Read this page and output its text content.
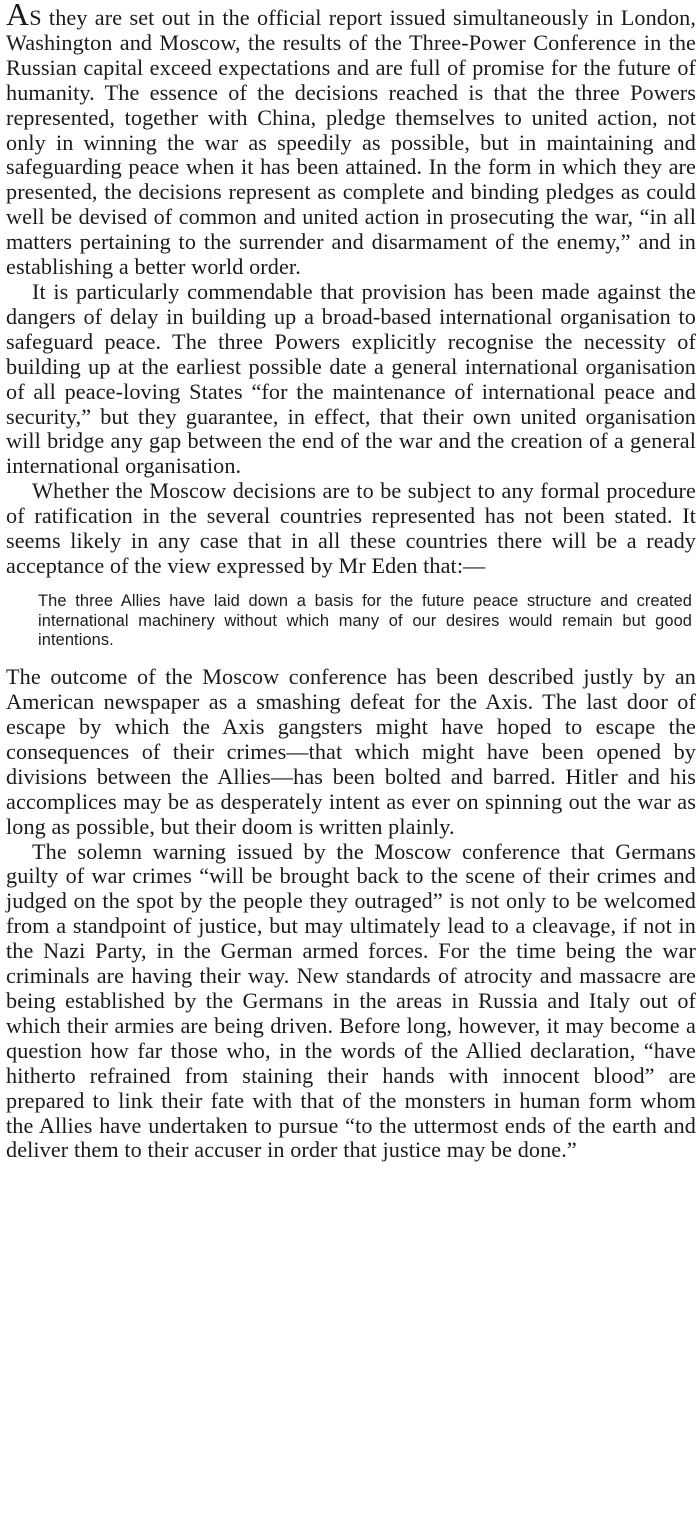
AS they are set out in the official report issued simultaneously in London, Washington and Moscow, the results of the Three-Power Conference in the Russian capital exceed expectations and are full of promise for the future of humanity. The essence of the decisions reached is that the three Powers represented, together with China, pledge themselves to united action, not only in winning the war as speedily as possible, but in maintaining and safeguarding peace when it has been attained. In the form in which they are presented, the decisions represent as complete and binding pledges as could well be devised of common and united action in prosecuting the war, “in all matters pertaining to the surrender and disarmament of the enemy,” and in establishing a better world order.

It is particularly commendable that provision has been made against the dangers of delay in building up a broad-based international organisation to safeguard peace. The three Powers explicitly recognise the necessity of building up at the earliest possible date a general international organisation of all peace-loving States “for the maintenance of international peace and security,” but they guarantee, in effect, that their own united organisation will bridge any gap between the end of the war and the creation of a general international organisation.

Whether the Moscow decisions are to be subject to any formal procedure of ratification in the several countries represented has not been stated. It seems likely in any case that in all these countries there will be a ready acceptance of the view expressed by Mr Eden that:—

The three Allies have laid down a basis for the future peace structure and created international machinery without which many of our desires would remain but good intentions.

The outcome of the Moscow conference has been described justly by an American newspaper as a smashing defeat for the Axis. The last door of escape by which the Axis gangsters might have hoped to escape the consequences of their crimes—that which might have been opened by divisions between the Allies—has been bolted and barred. Hitler and his accomplices may be as desperately intent as ever on spinning out the war as long as possible, but their doom is written plainly.

The solemn warning issued by the Moscow conference that Germans guilty of war crimes “will be brought back to the scene of their crimes and judged on the spot by the people they outraged” is not only to be welcomed from a standpoint of justice, but may ultimately lead to a cleavage, if not in the Nazi Party, in the German armed forces. For the time being the war criminals are having their way. New standards of atrocity and massacre are being established by the Germans in the areas in Russia and Italy out of which their armies are being driven. Before long, however, it may become a question how far those who, in the words of the Allied declaration, “have hitherto refrained from staining their hands with innocent blood” are prepared to link their fate with that of the monsters in human form whom the Allies have undertaken to pursue “to the uttermost ends of the earth and deliver them to their accuser in order that justice may be done.”
